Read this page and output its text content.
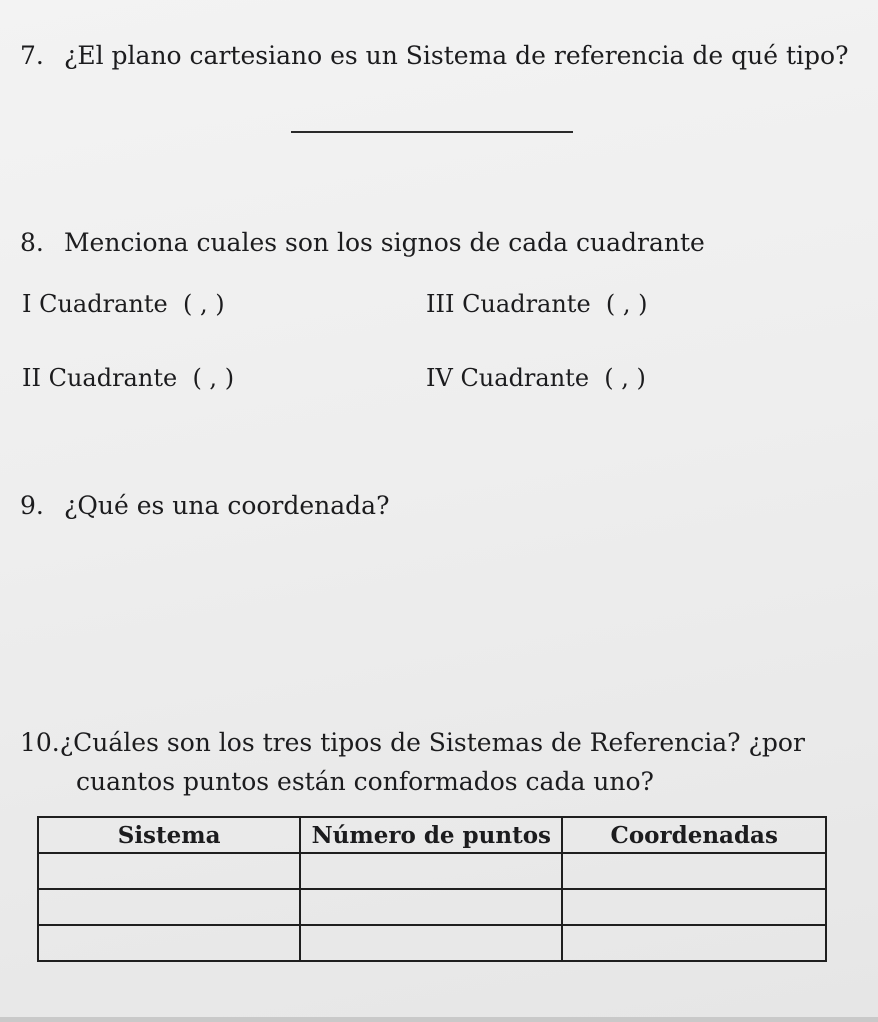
7. ¿El plano cartesiano es un Sistema de referencia de qué tipo?

8. Menciona cuales son los signos de cada cuadrante

I Cuadrante ( , )	III Cuadrante ( , )
II Cuadrante ( , )	IV Cuadrante ( , )

9. ¿Qué es una coordenada?

10.¿Cuáles son los tres tipos de Sistemas de Referencia? ¿por
cuantos puntos están conformados cada uno?

Sistema	Número de puntos	Coordenadas
